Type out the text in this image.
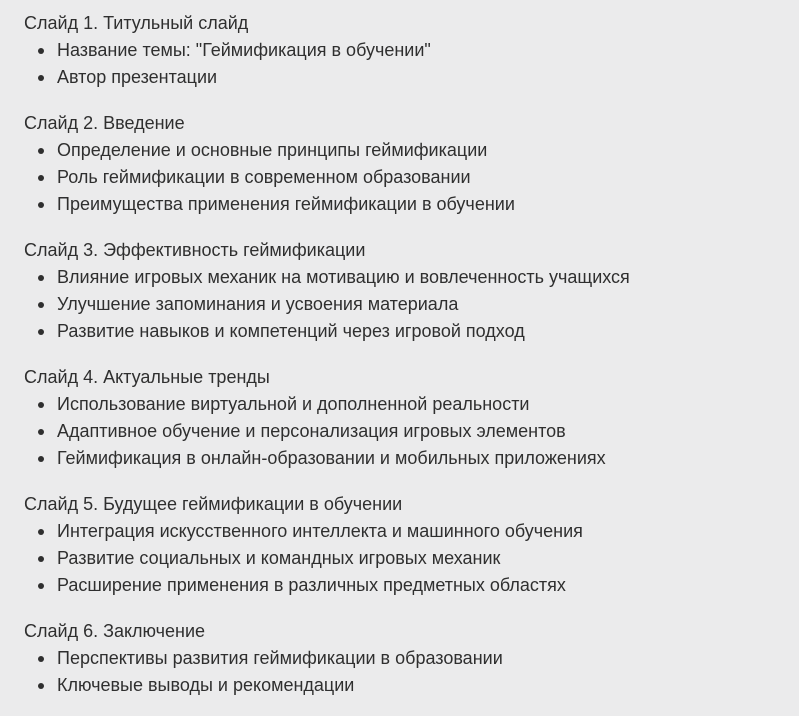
Слайд 1. Титульный слайд
Название темы: "Геймификация в обучении"
Автор презентации
Слайд 2. Введение
Определение и основные принципы геймификации
Роль геймификации в современном образовании
Преимущества применения геймификации в обучении
Слайд 3. Эффективность геймификации
Влияние игровых механик на мотивацию и вовлеченность учащихся
Улучшение запоминания и усвоения материала
Развитие навыков и компетенций через игровой подход
Слайд 4. Актуальные тренды
Использование виртуальной и дополненной реальности
Адаптивное обучение и персонализация игровых элементов
Геймификация в онлайн-образовании и мобильных приложениях
Слайд 5. Будущее геймификации в обучении
Интеграция искусственного интеллекта и машинного обучения
Развитие социальных и командных игровых механик
Расширение применения в различных предметных областях
Слайд 6. Заключение
Перспективы развития геймификации в образовании
Ключевые выводы и рекомендации
